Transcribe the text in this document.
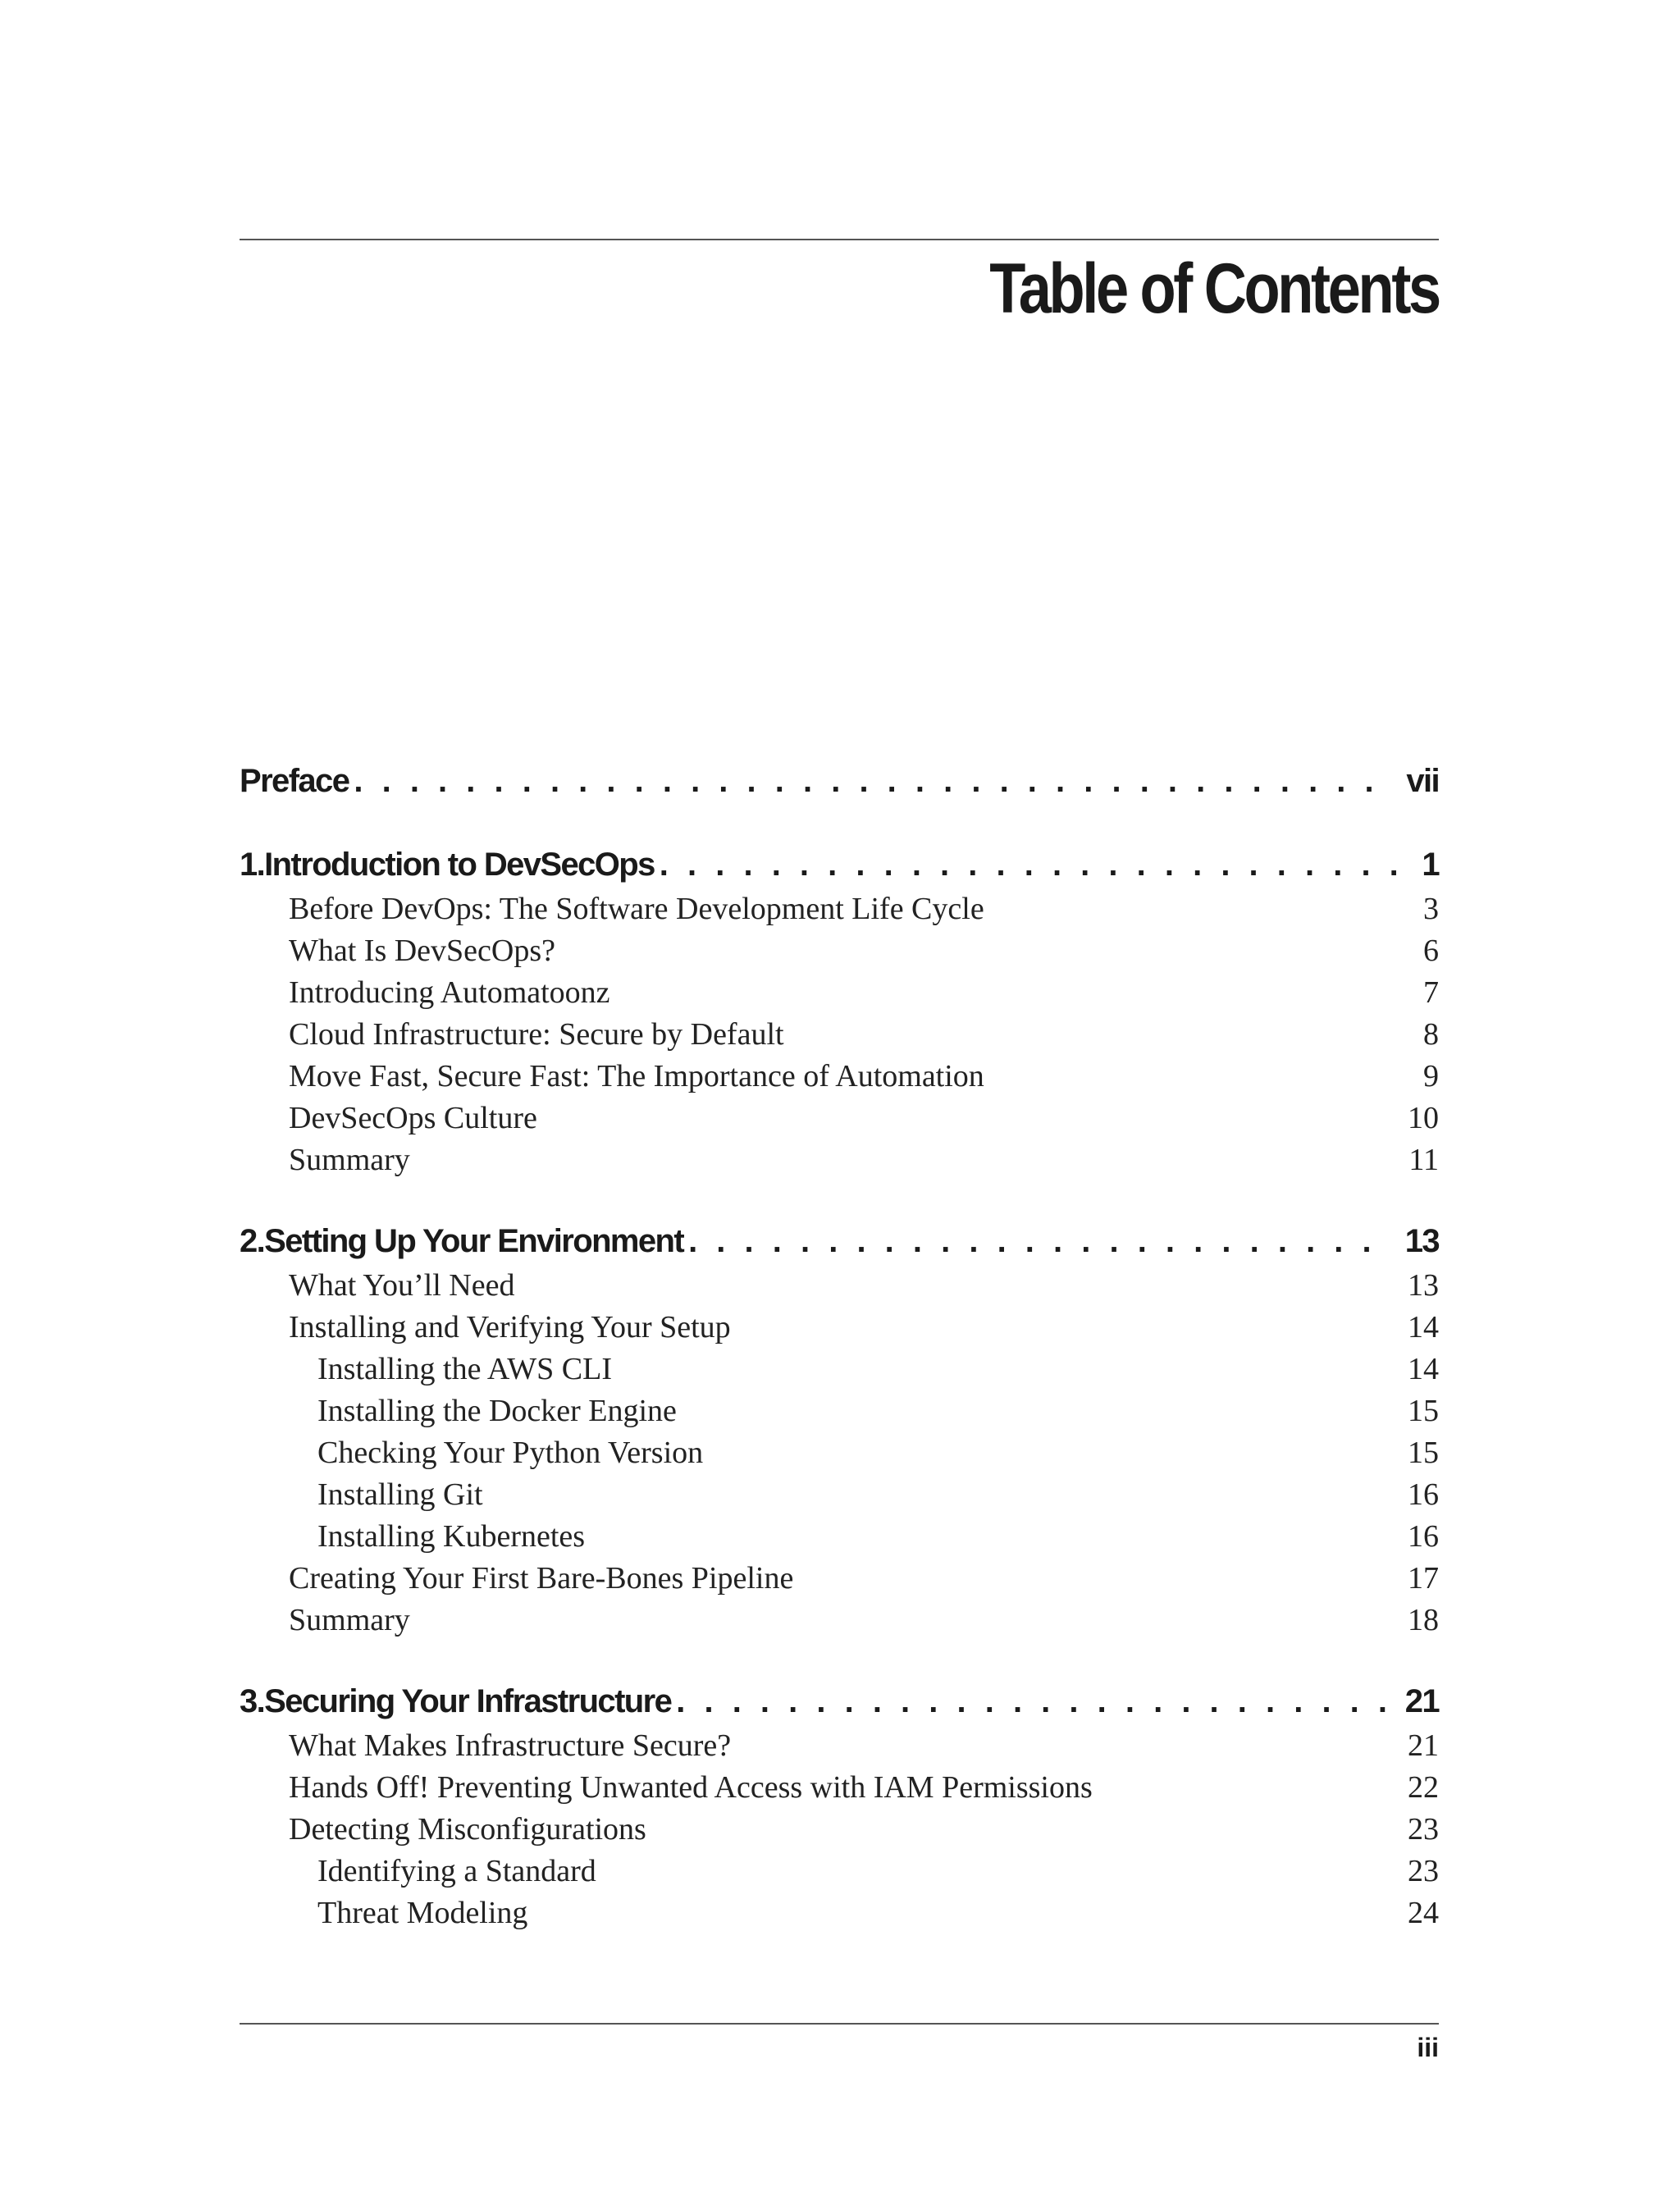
Table of Contents
Preface . . .	vii
1. Introduction to DevSecOps . . .	1
Before DevOps: The Software Development Life Cycle	3
What Is DevSecOps?	6
Introducing Automatoonz	7
Cloud Infrastructure: Secure by Default	8
Move Fast, Secure Fast: The Importance of Automation	9
DevSecOps Culture	10
Summary	11
2. Setting Up Your Environment . . .	13
What You’ll Need	13
Installing and Verifying Your Setup	14
Installing the AWS CLI	14
Installing the Docker Engine	15
Checking Your Python Version	15
Installing Git	16
Installing Kubernetes	16
Creating Your First Bare-Bones Pipeline	17
Summary	18
3. Securing Your Infrastructure . . .	21
What Makes Infrastructure Secure?	21
Hands Off! Preventing Unwanted Access with IAM Permissions	22
Detecting Misconfigurations	23
Identifying a Standard	23
Threat Modeling	24
iii
